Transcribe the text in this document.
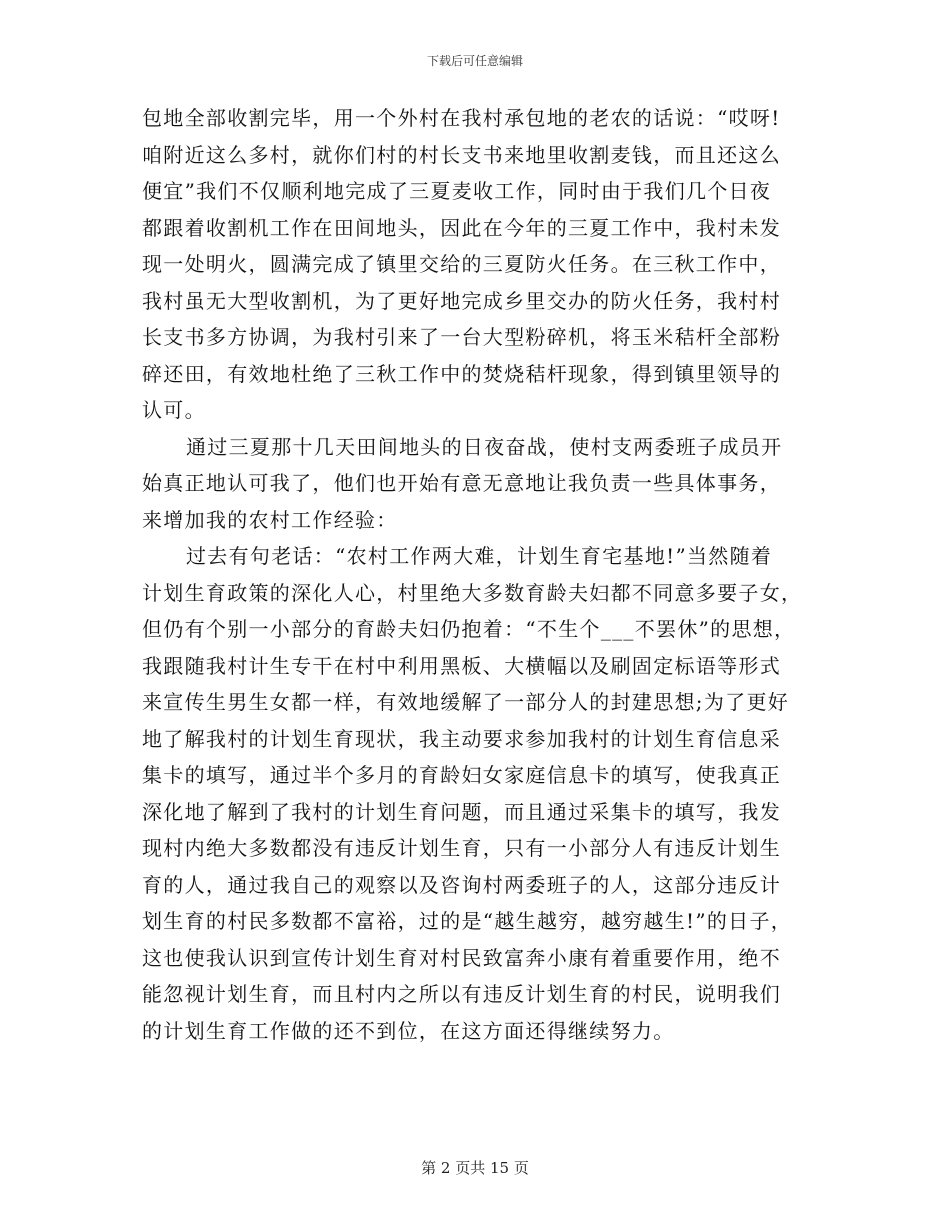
下载后可任意编辑
包地全部收割完毕，用一个外村在我村承包地的老农的话说：“哎呀!
咱附近这么多村，就你们村的村长支书来地里收割麦钱，而且还这么
便宜”我们不仅顺利地完成了三夏麦收工作，同时由于我们几个日夜
都跟着收割机工作在田间地头，因此在今年的三夏工作中，我村未发
现一处明火，圆满完成了镇里交给的三夏防火任务。在三秋工作中，
我村虽无大型收割机，为了更好地完成乡里交办的防火任务，我村村
长支书多方协调，为我村引来了一台大型粉碎机，将玉米秸杆全部粉
碎还田，有效地杜绝了三秋工作中的焚烧秸杆现象，得到镇里领导的
认可。
通过三夏那十几天田间地头的日夜奋战，使村支两委班子成员开
始真正地认可我了，他们也开始有意无意地让我负责一些具体事务，
来增加我的农村工作经验：
过去有句老话：“农村工作两大难，计划生育宅基地!”当然随着
计划生育政策的深化人心，村里绝大多数育龄夫妇都不同意多要子女，
但仍有个别一小部分的育龄夫妇仍抱着：“不生个___不罢休”的思想，
我跟随我村计生专干在村中利用黑板、大横幅以及刷固定标语等形式
来宣传生男生女都一样，有效地缓解了一部分人的封建思想;为了更好
地了解我村的计划生育现状，我主动要求参加我村的计划生育信息采
集卡的填写，通过半个多月的育龄妇女家庭信息卡的填写，使我真正
深化地了解到了我村的计划生育问题，而且通过采集卡的填写，我发
现村内绝大多数都没有违反计划生育，只有一小部分人有违反计划生
育的人，通过我自己的观察以及咨询村两委班子的人，这部分违反计
划生育的村民多数都不富裕，过的是“越生越穷，越穷越生!”的日子，
这也使我认识到宣传计划生育对村民致富奔小康有着重要作用，绝不
能忽视计划生育，而且村内之所以有违反计划生育的村民，说明我们
的计划生育工作做的还不到位，在这方面还得继续努力。
第 2 页共 15 页
